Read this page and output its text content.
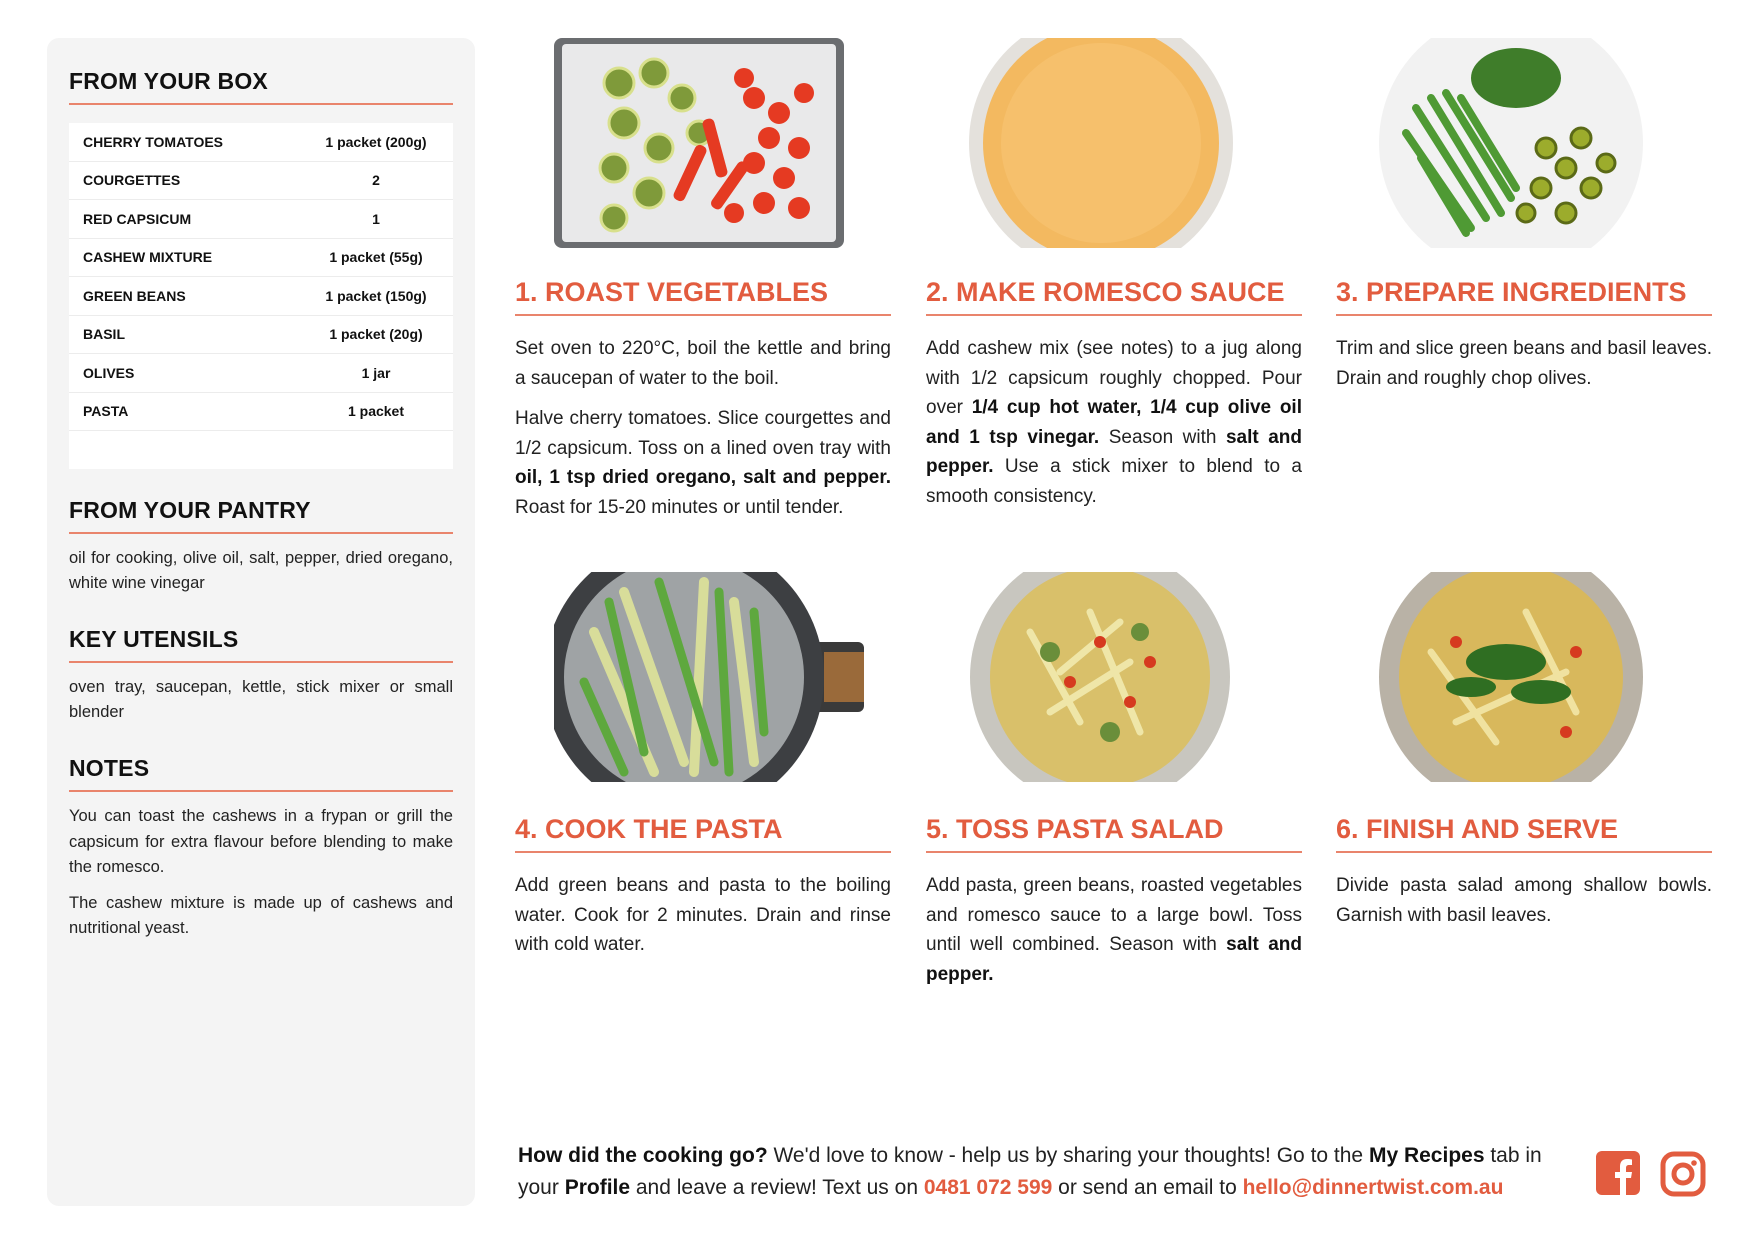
FROM YOUR BOX
CHERRY TOMATOES	1 packet (200g)
COURGETTES	2
RED CAPSICUM	1
CASHEW MIXTURE	1 packet (55g)
GREEN BEANS	1 packet (150g)
BASIL	1 packet (20g)
OLIVES	1 jar
PASTA	1 packet
FROM YOUR PANTRY
oil for cooking, olive oil, salt, pepper, dried oregano, white wine vinegar
KEY UTENSILS
oven tray, saucepan, kettle, stick mixer or small blender
NOTES
You can toast the cashews in a frypan or grill the capsicum for extra flavour before blending to make the romesco.
The cashew mixture is made up of cashews and nutritional yeast.
1. ROAST VEGETABLES

Set oven to 220°C, boil the kettle and bring a saucepan of water to the boil.

Halve cherry tomatoes. Slice courgettes and 1/2 capsicum. Toss on a lined oven tray with oil, 1 tsp dried oregano, salt and pepper. Roast for 15-20 minutes or until tender.

2. MAKE ROMESCO SAUCE

Add cashew mix (see notes) to a jug along with 1/2 capsicum roughly chopped. Pour over 1/4 cup hot water, 1/4 cup olive oil and 1 tsp vinegar. Season with salt and pepper. Use a stick mixer to blend to a smooth consistency.

3. PREPARE INGREDIENTS
Trim and slice green beans and basil leaves. Drain and roughly chop olives.
4. COOK THE PASTA
Add green beans and pasta to the boiling water. Cook for 2 minutes. Drain and rinse with cold water.
5. TOSS PASTA SALAD

Add pasta, green beans, roasted vegetables and romesco sauce to a large bowl. Toss until well combined. Season with salt and pepper.

6. FINISH AND SERVE
Divide pasta salad among shallow bowls. Garnish with basil leaves.
How did the cooking go? We'd love to know - help us by sharing your thoughts! Go to the My Recipes tab in your Profile and leave a review! Text us on 0481 072 599 or send an email to hello@dinnertwist.com.au
